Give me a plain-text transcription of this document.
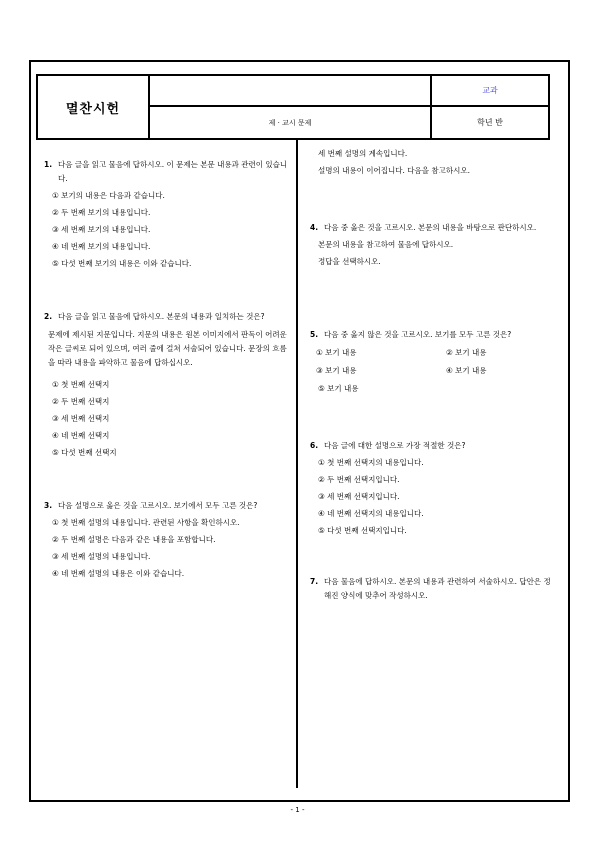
멸찬시헌
제 · 교시 문제
교과
학년 반
1. 다음 글을 읽고 물음에 답하시오. 이 문제는 본문 내용과 관련이 있습니다.

① 보기의 내용은 다음과 같습니다.

② 두 번째 보기의 내용입니다.

③ 세 번째 보기의 내용입니다.

④ 네 번째 보기의 내용입니다.

⑤ 다섯 번째 보기의 내용은 이와 같습니다.

2. 다음 글을 읽고 물음에 답하시오. 본문의 내용과 일치하는 것은?

문제에 제시된 지문입니다. 지문의 내용은 원본 이미지에서 판독이 어려운 작은 글씨로 되어 있으며, 여러 줄에 걸쳐 서술되어 있습니다. 문장의 흐름을 따라 내용을 파악하고 물음에 답하십시오.

① 첫 번째 선택지

② 두 번째 선택지

③ 세 번째 선택지

④ 네 번째 선택지

⑤ 다섯 번째 선택지

3. 다음 설명으로 옳은 것을 고르시오. 보기에서 모두 고른 것은?

① 첫 번째 설명의 내용입니다. 관련된 사항을 확인하시오.

② 두 번째 설명은 다음과 같은 내용을 포함합니다.

③ 세 번째 설명의 내용입니다.

④ 네 번째 설명의 내용은 이와 같습니다.

세 번째 설명의 계속입니다.

설명의 내용이 이어집니다. 다음을 참고하시오.

4. 다음 중 옳은 것을 고르시오. 본문의 내용을 바탕으로 판단하시오.

본문의 내용을 참고하여 물음에 답하시오.

정답을 선택하시오.

5. 다음 중 옳지 않은 것을 고르시오. 보기를 모두 고른 것은?
① 보기 내용	② 보기 내용
③ 보기 내용	④ 보기 내용

⑤ 보기 내용

6. 다음 글에 대한 설명으로 가장 적절한 것은?

① 첫 번째 선택지의 내용입니다.

② 두 번째 선택지입니다.

③ 세 번째 선택지입니다.

④ 네 번째 선택지의 내용입니다.

⑤ 다섯 번째 선택지입니다.

7. 다음 물음에 답하시오. 본문의 내용과 관련하여 서술하시오. 답안은 정해진 양식에 맞추어 작성하시오.
- 1 -
